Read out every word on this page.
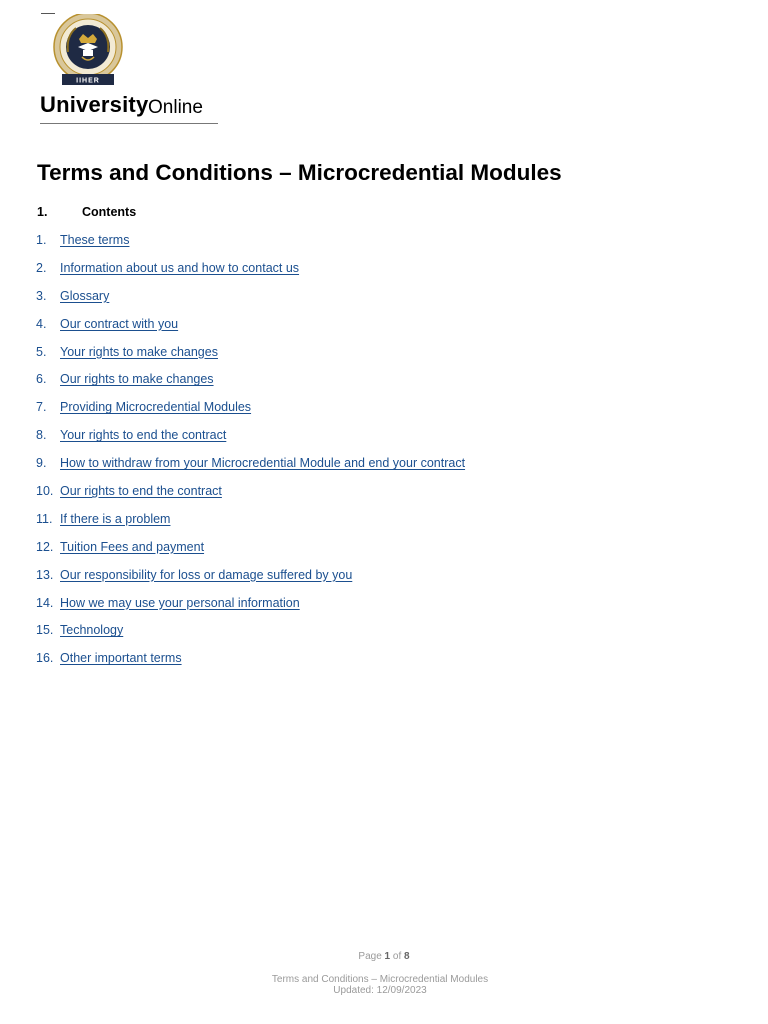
IIHER
University Online
Terms and Conditions – Microcredential Modules
1.	Contents
1.	These terms
2.	Information about us and how to contact us
3.	Glossary
4.	Our contract with you
5.	Your rights to make changes
6.	Our rights to make changes
7.	Providing Microcredential Modules
8.	Your rights to end the contract
9.	How to withdraw from your Microcredential Module and end your contract
10. Our rights to end the contract
11. If there is a problem
12. Tuition Fees and payment
13. Our responsibility for loss or damage suffered by you
14. How we may use your personal information
15. Technology
16. Other important terms
Page 1 of 8
Terms and Conditions – Microcredential Modules
Updated: 12/09/2023
